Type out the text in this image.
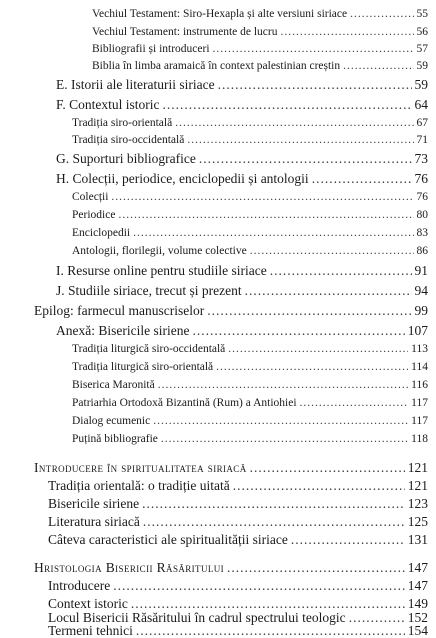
Vechiul Testament: Siro-Hexapla și alte versiuni siriace .....	55
Vechiul Testament: instrumente de lucru .....	56
Bibliografii și introduceri .....	57
Biblia în limba aramaică în context palestinian creștin .....	59
E. Istorii ale literaturii siriace .....	59
F. Contextul istoric .....	64
Tradiția siro-orientală .....	67
Tradiția siro-occidentală .....	71
G. Suporturi bibliografice .....	73
H. Colecții, periodice, enciclopedii și antologii .....	76
Colecții .....	76
Periodice .....	80
Enciclopedii .....	83
Antologii, florilegii, volume colective .....	86
I. Resurse online pentru studiile siriace .....	91
J. Studiile siriace, trecut și prezent .....	94
Epilog: farmecul manuscriselor .....	99
Anexă: Bisericile siriene .....	107
Tradiția liturgică siro-occidentală .....	113
Tradiția liturgică siro-orientală .....	114
Biserica Maronită .....	116
Patriarhia Ortodoxă Bizantină (Rum) a Antiohiei .....	117
Dialog ecumenic .....	117
Puțină bibliografie .....	118
Introducere în spiritualitatea siriacă .....	121
Tradiția orientală: o tradiție uitată .....	121
Bisericile siriene .....	123
Literatura siriacă .....	125
Câteva caracteristici ale spiritualității siriace .....	131
Hristologia Bisericii Răsăritului .....	147
Introducere .....	147
Context istoric .....	149
Locul Bisericii Răsăritului în cadrul spectrului teologic .....	152
Termeni tehnici .....	154
